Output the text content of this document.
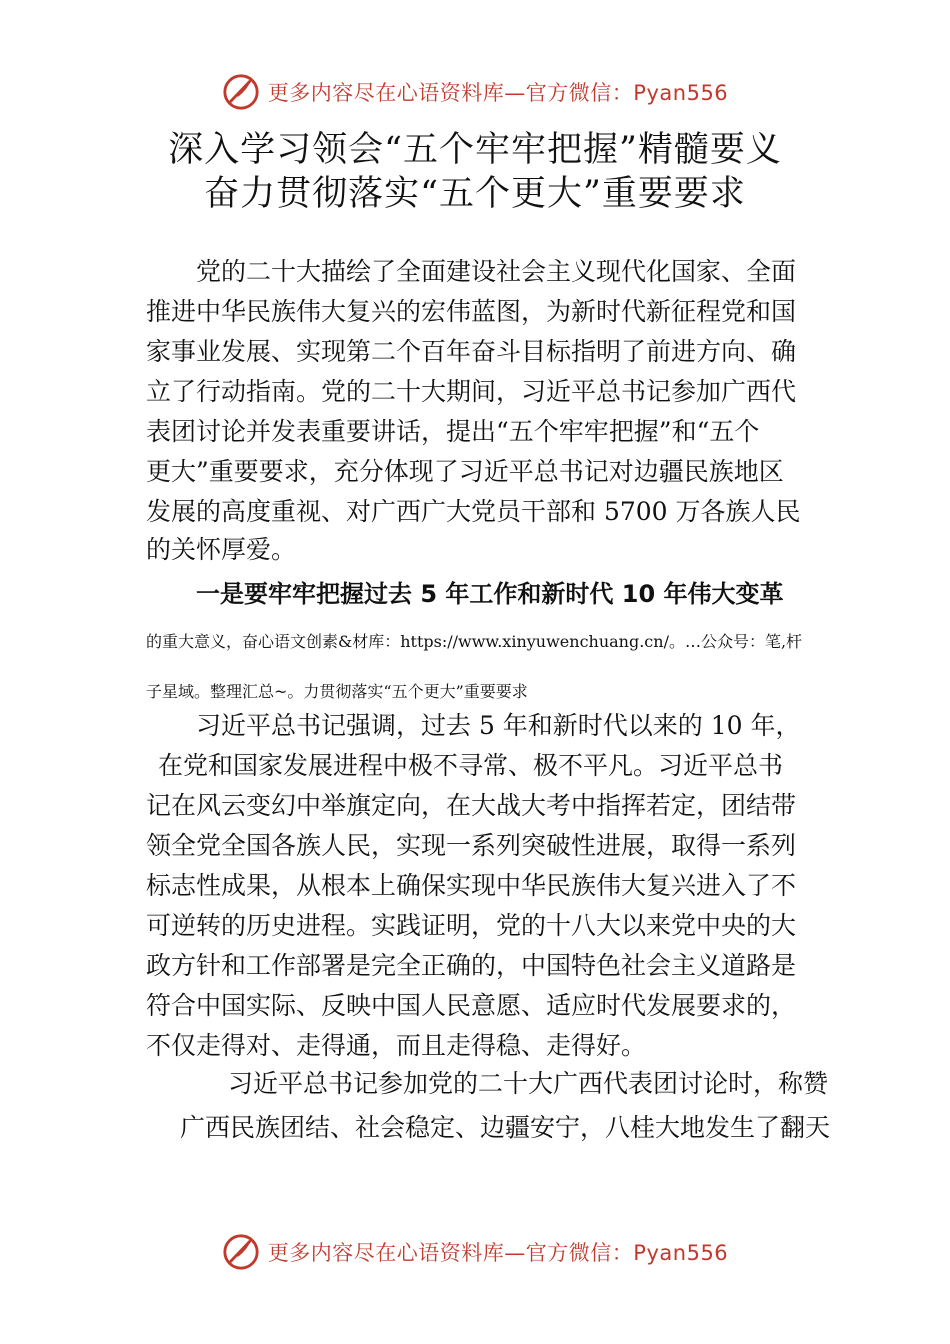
更多内容尽在心语资料库—官方微信：Pyan556
深入学习领会“五个牢牢把握”精髓要义
奋力贯彻落实“五个更大”重要要求
党的二十大描绘了全面建设社会主义现代化国家、全面
推进中华民族伟大复兴的宏伟蓝图，为新时代新征程党和国
家事业发展、实现第二个百年奋斗目标指明了前进方向、确
立了行动指南。党的二十大期间，习近平总书记参加广西代
表团讨论并发表重要讲话，提出“五个牢牢把握”和“五个
更大”重要要求，充分体现了习近平总书记对边疆民族地区
发展的高度重视、对广西广大党员干部和 5700 万各族人民
的关怀厚爱。
一是要牢牢把握过去 5 年工作和新时代 10 年伟大变革
的重大意义，奋心语文创素&材库：https://www.xinyuwenchuang.cn/。…公众号：笔,杆
子星域。整理汇总~。力贯彻落实“五个更大”重要要求
习近平总书记强调，过去 5 年和新时代以来的 10 年，
在党和国家发展进程中极不寻常、极不平凡。习近平总书
记在风云变幻中举旗定向，在大战大考中指挥若定，团结带
领全党全国各族人民，实现一系列突破性进展，取得一系列
标志性成果，从根本上确保实现中华民族伟大复兴进入了不
可逆转的历史进程。实践证明，党的十八大以来党中央的大
政方针和工作部署是完全正确的，中国特色社会主义道路是
符合中国实际、反映中国人民意愿、适应时代发展要求的，
不仅走得对、走得通，而且走得稳、走得好。
习近平总书记参加党的二十大广西代表团讨论时，称赞
广西民族团结、社会稳定、边疆安宁，八桂大地发生了翻天
更多内容尽在心语资料库—官方微信：Pyan556
